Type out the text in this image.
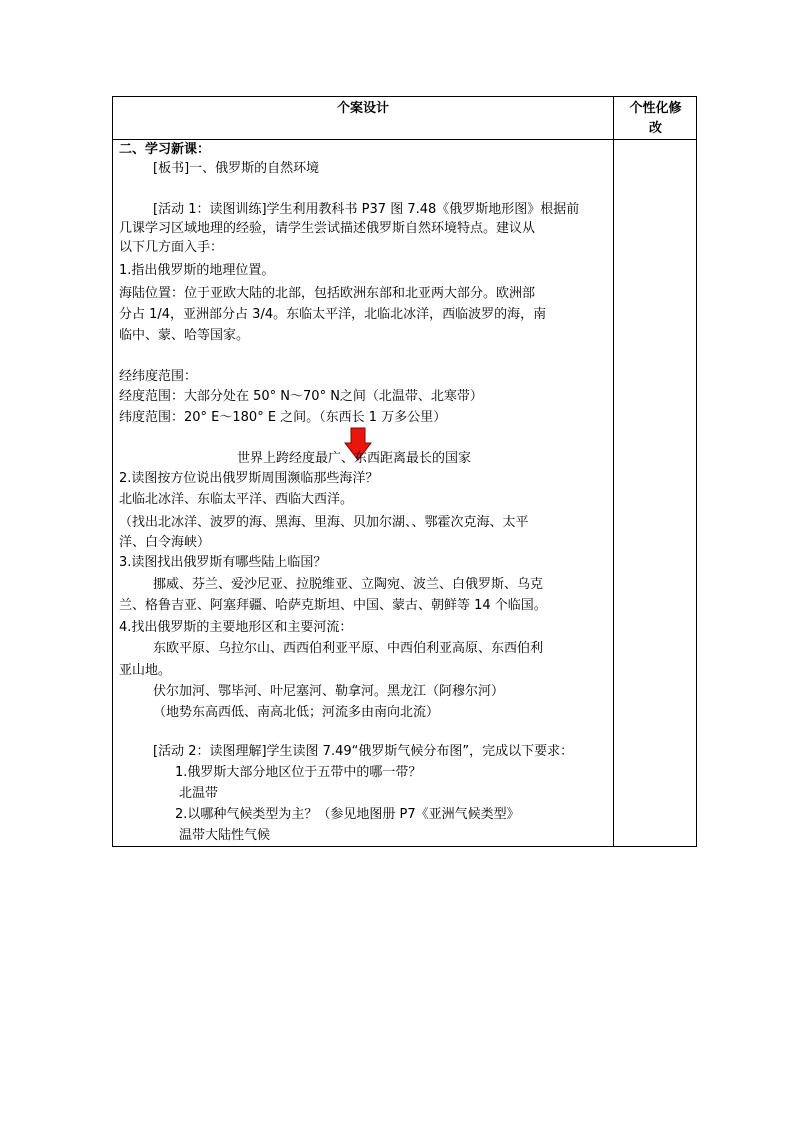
个案设计	个性化修
改
二、学习新课：
[板书]一、俄罗斯的自然环境
[活动 1：读图训练]学生利用教科书 P37 图 7.48《俄罗斯地形图》根据前
几课学习区域地理的经验，请学生尝试描述俄罗斯自然环境特点。建议从
以下几方面入手：
1.指出俄罗斯的地理位置。
海陆位置：位于亚欧大陆的北部，包括欧洲东部和北亚两大部分。欧洲部
分占 1/4，亚洲部分占 3/4。东临太平洋，北临北冰洋，西临波罗的海，南
临中、蒙、哈等国家。
经纬度范围：
经度范围：大部分处在 50° N～70° N之间（北温带、北寒带）
纬度范围：20° E～180° E 之间。（东西长 1 万多公里）
世界上跨经度最广、东西距离最长的国家
2.读图按方位说出俄罗斯周围濒临那些海洋？
北临北冰洋、东临太平洋、西临大西洋。
（找出北冰洋、波罗的海、黑海、里海、贝加尔湖、、鄂霍次克海、太平
洋、白令海峡）
3.读图找出俄罗斯有哪些陆上临国？
挪威、芬兰、爱沙尼亚、拉脱维亚、立陶宛、波兰、白俄罗斯、乌克
兰、格鲁吉亚、阿塞拜疆、哈萨克斯坦、中国、蒙古、朝鲜等 14 个临国。
4.找出俄罗斯的主要地形区和主要河流：
东欧平原、乌拉尔山、西西伯利亚平原、中西伯利亚高原、东西伯利
亚山地。
伏尔加河、鄂毕河、叶尼塞河、勒拿河。黑龙江（阿穆尔河）
（地势东高西低、南高北低；河流多由南向北流）
[活动 2：读图理解]学生读图 7.49“俄罗斯气候分布图”，完成以下要求：
1.俄罗斯大部分地区位于五带中的哪一带？
北温带
2.以哪种气候类型为主？（参见地图册 P7《亚洲气候类型》
温带大陆性气候
